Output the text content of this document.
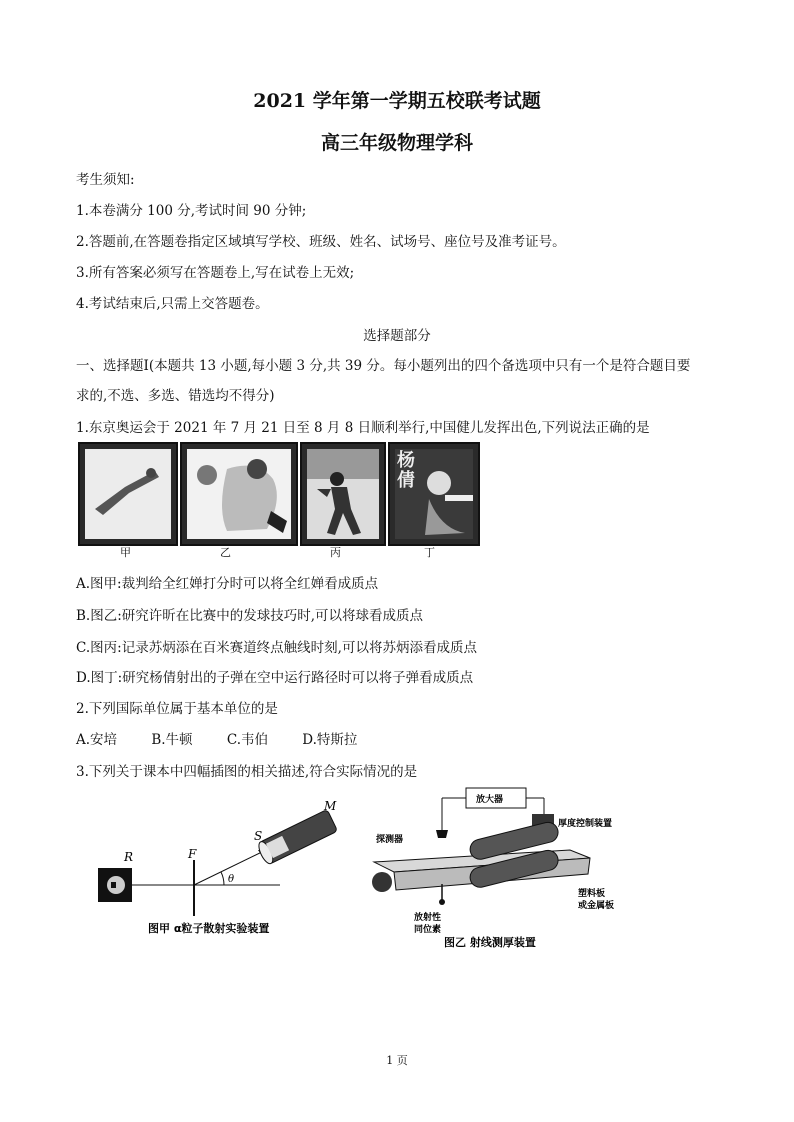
2021 学年第一学期五校联考试题
高三年级物理学科
考生须知:
1.本卷满分 100 分,考试时间 90 分钟;
2.答题前,在答题卷指定区域填写学校、班级、姓名、试场号、座位号及准考证号。
3.所有答案必须写在答题卷上,写在试卷上无效;
4.考试结束后,只需上交答题卷。
选择题部分
一、选择题Ⅰ(本题共 13 小题,每小题 3 分,共 39 分。每小题列出的四个备选项中只有一个是符合题目要
求的,不选、多选、错选均不得分)
1.东京奥运会于 2021 年 7 月 21 日至 8 月 8 日顺利举行,中国健儿发挥出色,下列说法正确的是
杨倩
甲	乙	丙	丁
A.图甲:裁判给全红婵打分时可以将全红婵看成质点
B.图乙:研究许昕在比赛中的发球技巧时,可以将球看成质点
C.图丙:记录苏炳添在百米赛道终点触线时刻,可以将苏炳添看成质点
D.图丁:研究杨倩射出的子弹在空中运行路径时可以将子弹看成质点
2.下列国际单位属于基本单位的是
A.安培	B.牛顿	C.韦伯	D.特斯拉
3.下列关于课本中四幅插图的相关描述,符合实际情况的是
R	F
S
M
θ
图甲 α粒子散射实验装置
放大器
厚度控制装置
探测器
放射性
同位素
塑料板
或金属板
图乙 射线测厚装置
1 页
